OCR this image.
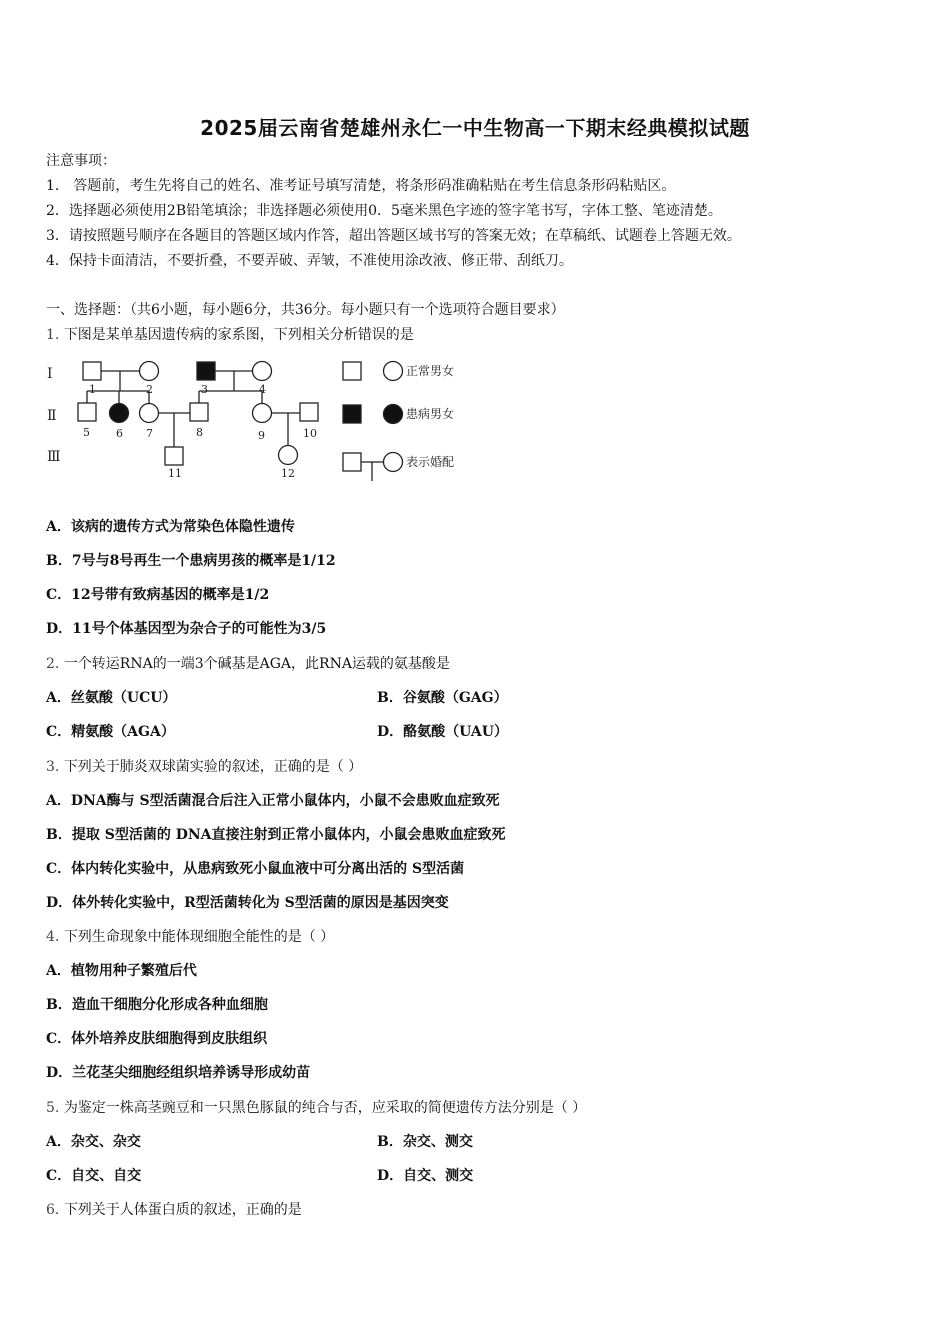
2025届云南省楚雄州永仁一中生物高一下期末经典模拟试题
注意事项：
1． 答题前，考生先将自己的姓名、准考证号填写清楚，将条形码准确粘贴在考生信息条形码粘贴区。
2．选择题必须使用2B铅笔填涂；非选择题必须使用0．5毫米黑色字迹的签字笔书写，字体工整、笔迹清楚。
3．请按照题号顺序在各题目的答题区域内作答，超出答题区域书写的答案无效；在草稿纸、试题卷上答题无效。
4．保持卡面清洁，不要折叠，不要弄破、弄皱，不准使用涂改液、修正带、刮纸刀。
一、选择题：（共6小题，每小题6分，共36分。每小题只有一个选项符合题目要求）
1. 下图是某单基因遗传病的家系图，下列相关分析错误的是
Ⅰ
Ⅱ
Ⅲ
1	2	3	4
5 6 7	8	9	10
11	12
正常男女
患病男女
表示婚配
A．该病的遗传方式为常染色体隐性遗传
B．7号与8号再生一个患病男孩的概率是1/12
C．12号带有致病基因的概率是1/2
D．11号个体基因型为杂合子的可能性为3/5
2. 一个转运RNA的一端3个碱基是AGA，此RNA运载的氨基酸是
A．丝氨酸（UCU）	B．谷氨酸（GAG）
C．精氨酸（AGA）	D．酪氨酸（UAU）
3. 下列关于肺炎双球菌实验的叙述，正确的是（ ）
A．DNA酶与 S型活菌混合后注入正常小鼠体内，小鼠不会患败血症致死
B．提取 S型活菌的 DNA直接注射到正常小鼠体内，小鼠会患败血症致死
C．体内转化实验中，从患病致死小鼠血液中可分离出活的 S型活菌
D．体外转化实验中，R型活菌转化为 S型活菌的原因是基因突变
4. 下列生命现象中能体现细胞全能性的是（ ）
A．植物用种子繁殖后代
B．造血干细胞分化形成各种血细胞
C．体外培养皮肤细胞得到皮肤组织
D．兰花茎尖细胞经组织培养诱导形成幼苗
5. 为鉴定一株高茎豌豆和一只黑色豚鼠的纯合与否，应采取的简便遗传方法分别是（ ）
A．杂交、杂交	B．杂交、测交
C．自交、自交	D．自交、测交
6. 下列关于人体蛋白质的叙述，正确的是
